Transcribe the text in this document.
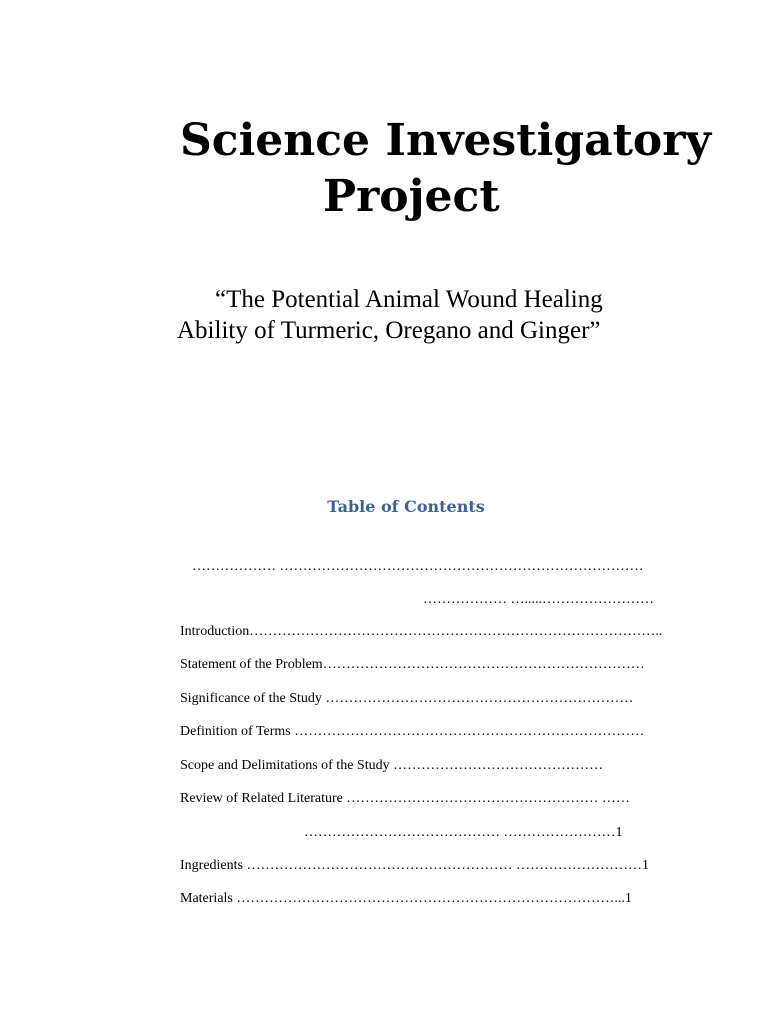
Science Investigatory
Project
“The Potential Animal Wound Healing
Ability of Turmeric, Oregano and Ginger”
Table of Contents
……………… ……………………………………………………………………
……………… ….....……………………
Introduction……………………………………………………………………………..
Statement of the Problem……………………………………………………………
Significance of the Study …………………………………………………………
Definition of Terms …………………………………………………………………
Scope and Delimitations of the Study ………………………………………
Review of Related Literature ……………………………………………… ……
…………………………………… ……………………1
Ingredients ………………………………………………… ………………………1
Materials ………………………………………………………………………...1
